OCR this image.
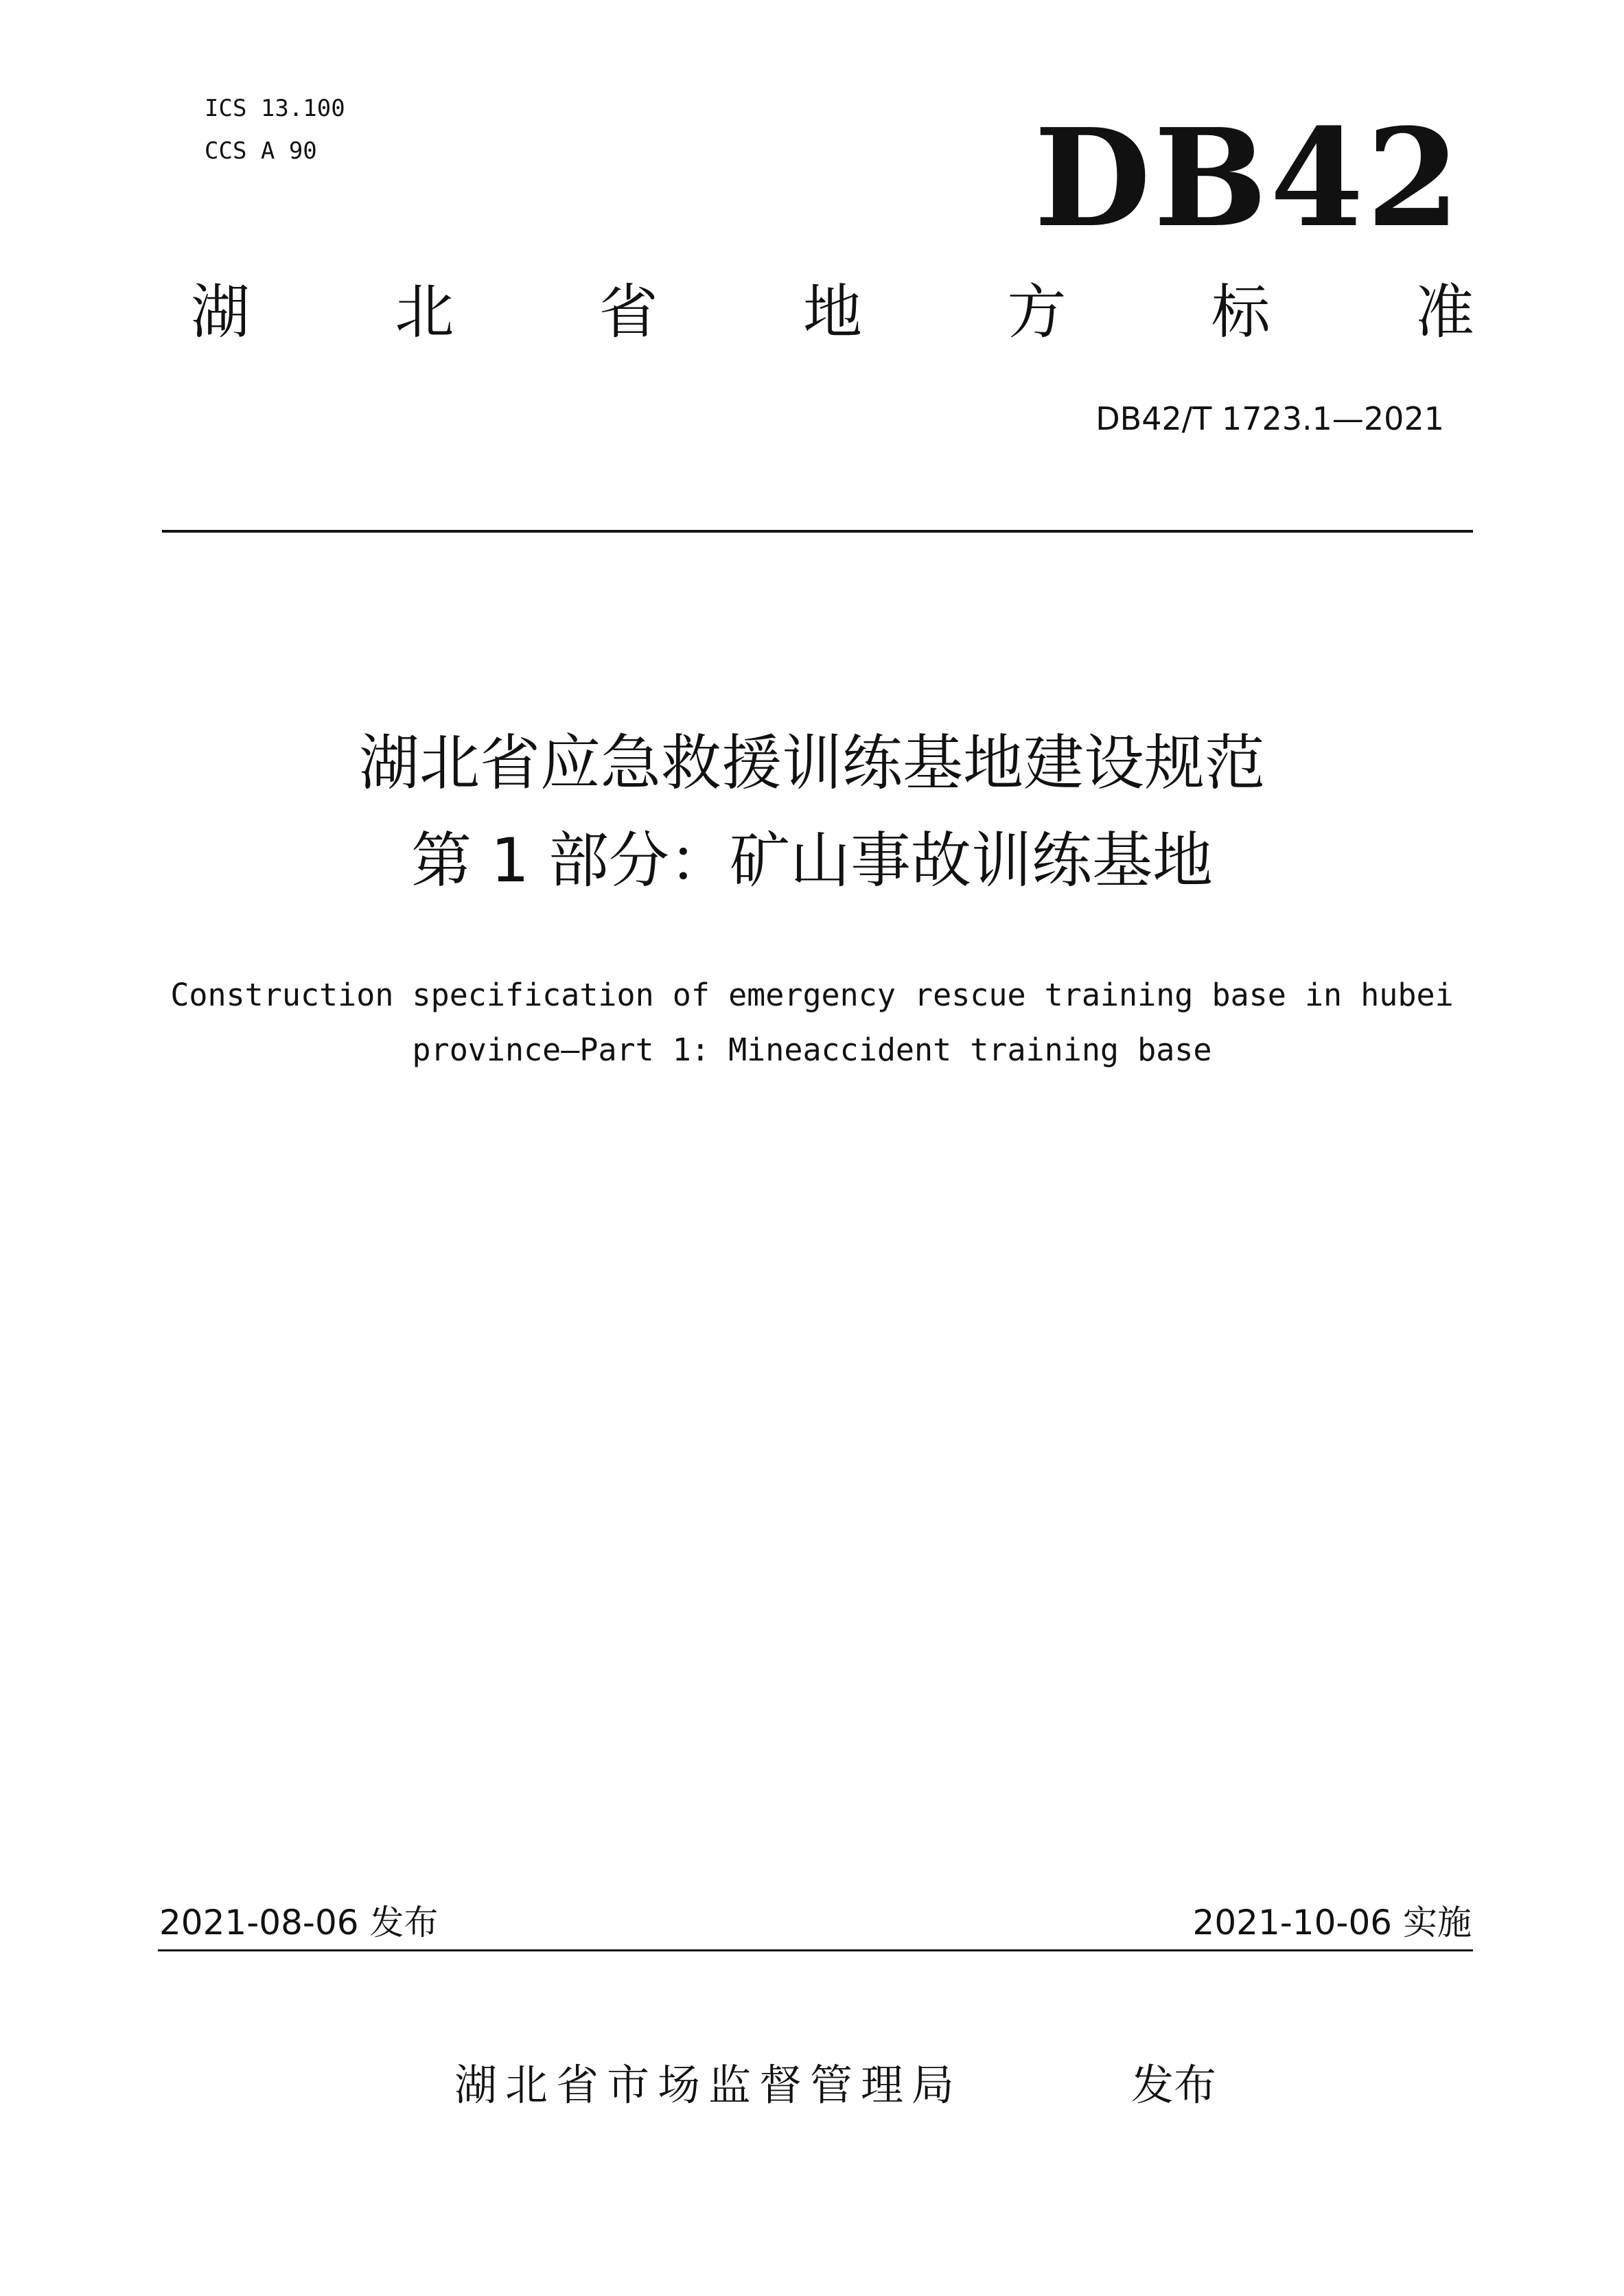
ICS 13.100
CCS A 90	DB42
湖 北 省 地 方 标 准
DB42/T 1723.1—2021
湖北省应急救援训练基地建设规范
第 1 部分：矿山事故训练基地
Construction specification of emergency rescue training base in hubei
province—Part 1: Mineaccident training base
2021-08-06 发布	2021-10-06 实施
湖北省市场监督管理局	发布
